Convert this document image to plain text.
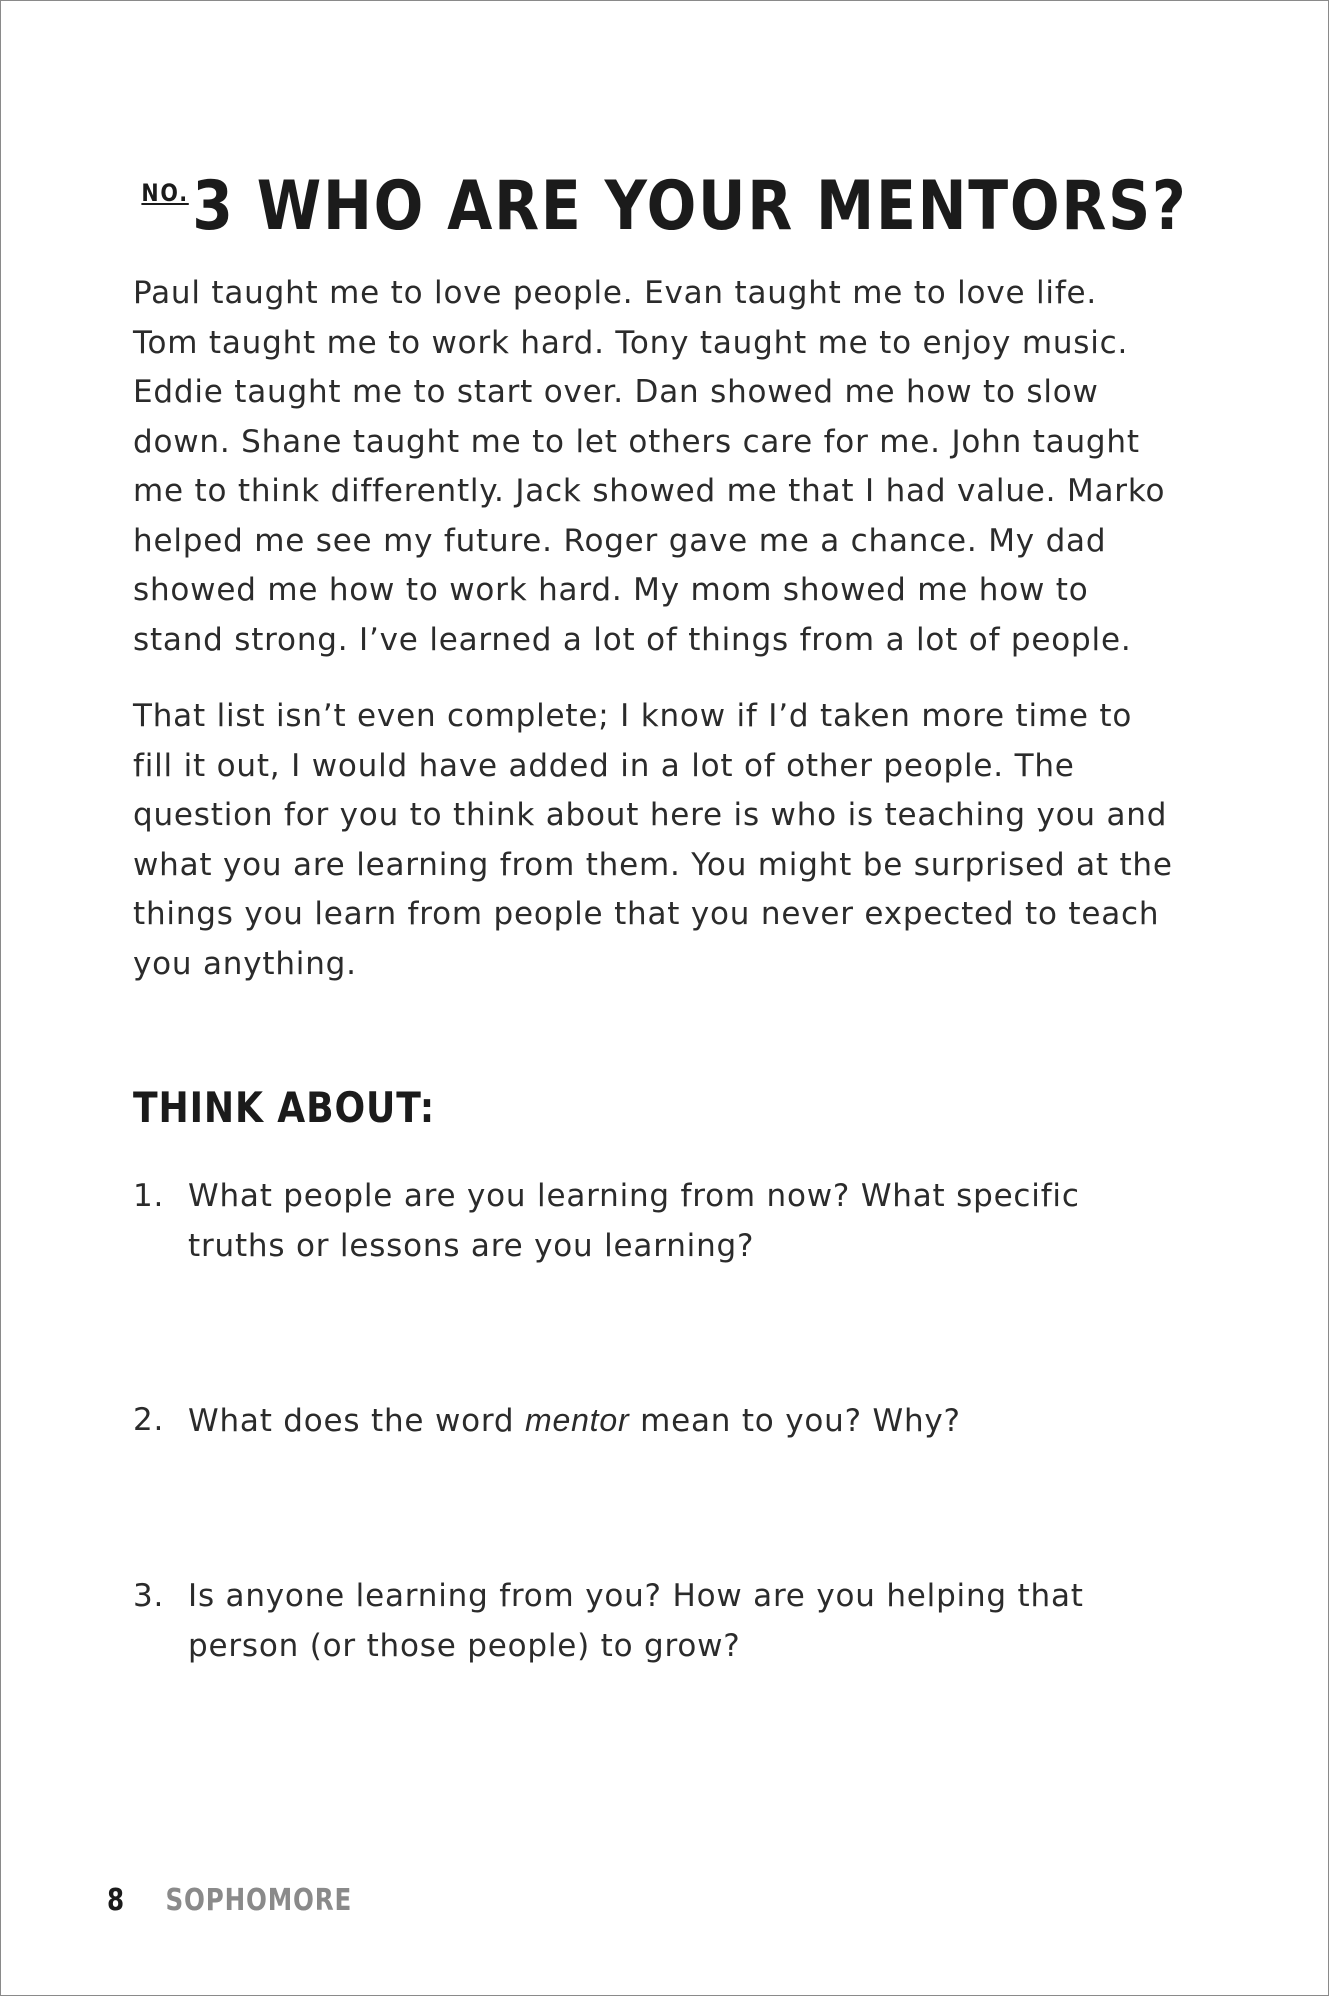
$^{NO.}$3 WHO ARE YOUR MENTORS?

Paul taught me to love people. Evan taught me to love life.
Tom taught me to work hard. Tony taught me to enjoy music.
Eddie taught me to start over. Dan showed me how to slow
down. Shane taught me to let others care for me. John taught
me to think differently. Jack showed me that I had value. Marko
helped me see my future. Roger gave me a chance. My dad
showed me how to work hard. My mom showed me how to
stand strong. I’ve learned a lot of things from a lot of people.

That list isn’t even complete; I know if I’d taken more time to
fill it out, I would have added in a lot of other people. The
question for you to think about here is who is teaching you and
what you are learning from them. You might be surprised at the
things you learn from people that you never expected to teach
you anything.

THINK ABOUT:
1. What people are you learning from now? What specific
truths or lessons are you learning?
2. What does the word mentor mean to you? Why?
3. Is anyone learning from you? How are you helping that
person (or those people) to grow?
8 SOPHOMORE
